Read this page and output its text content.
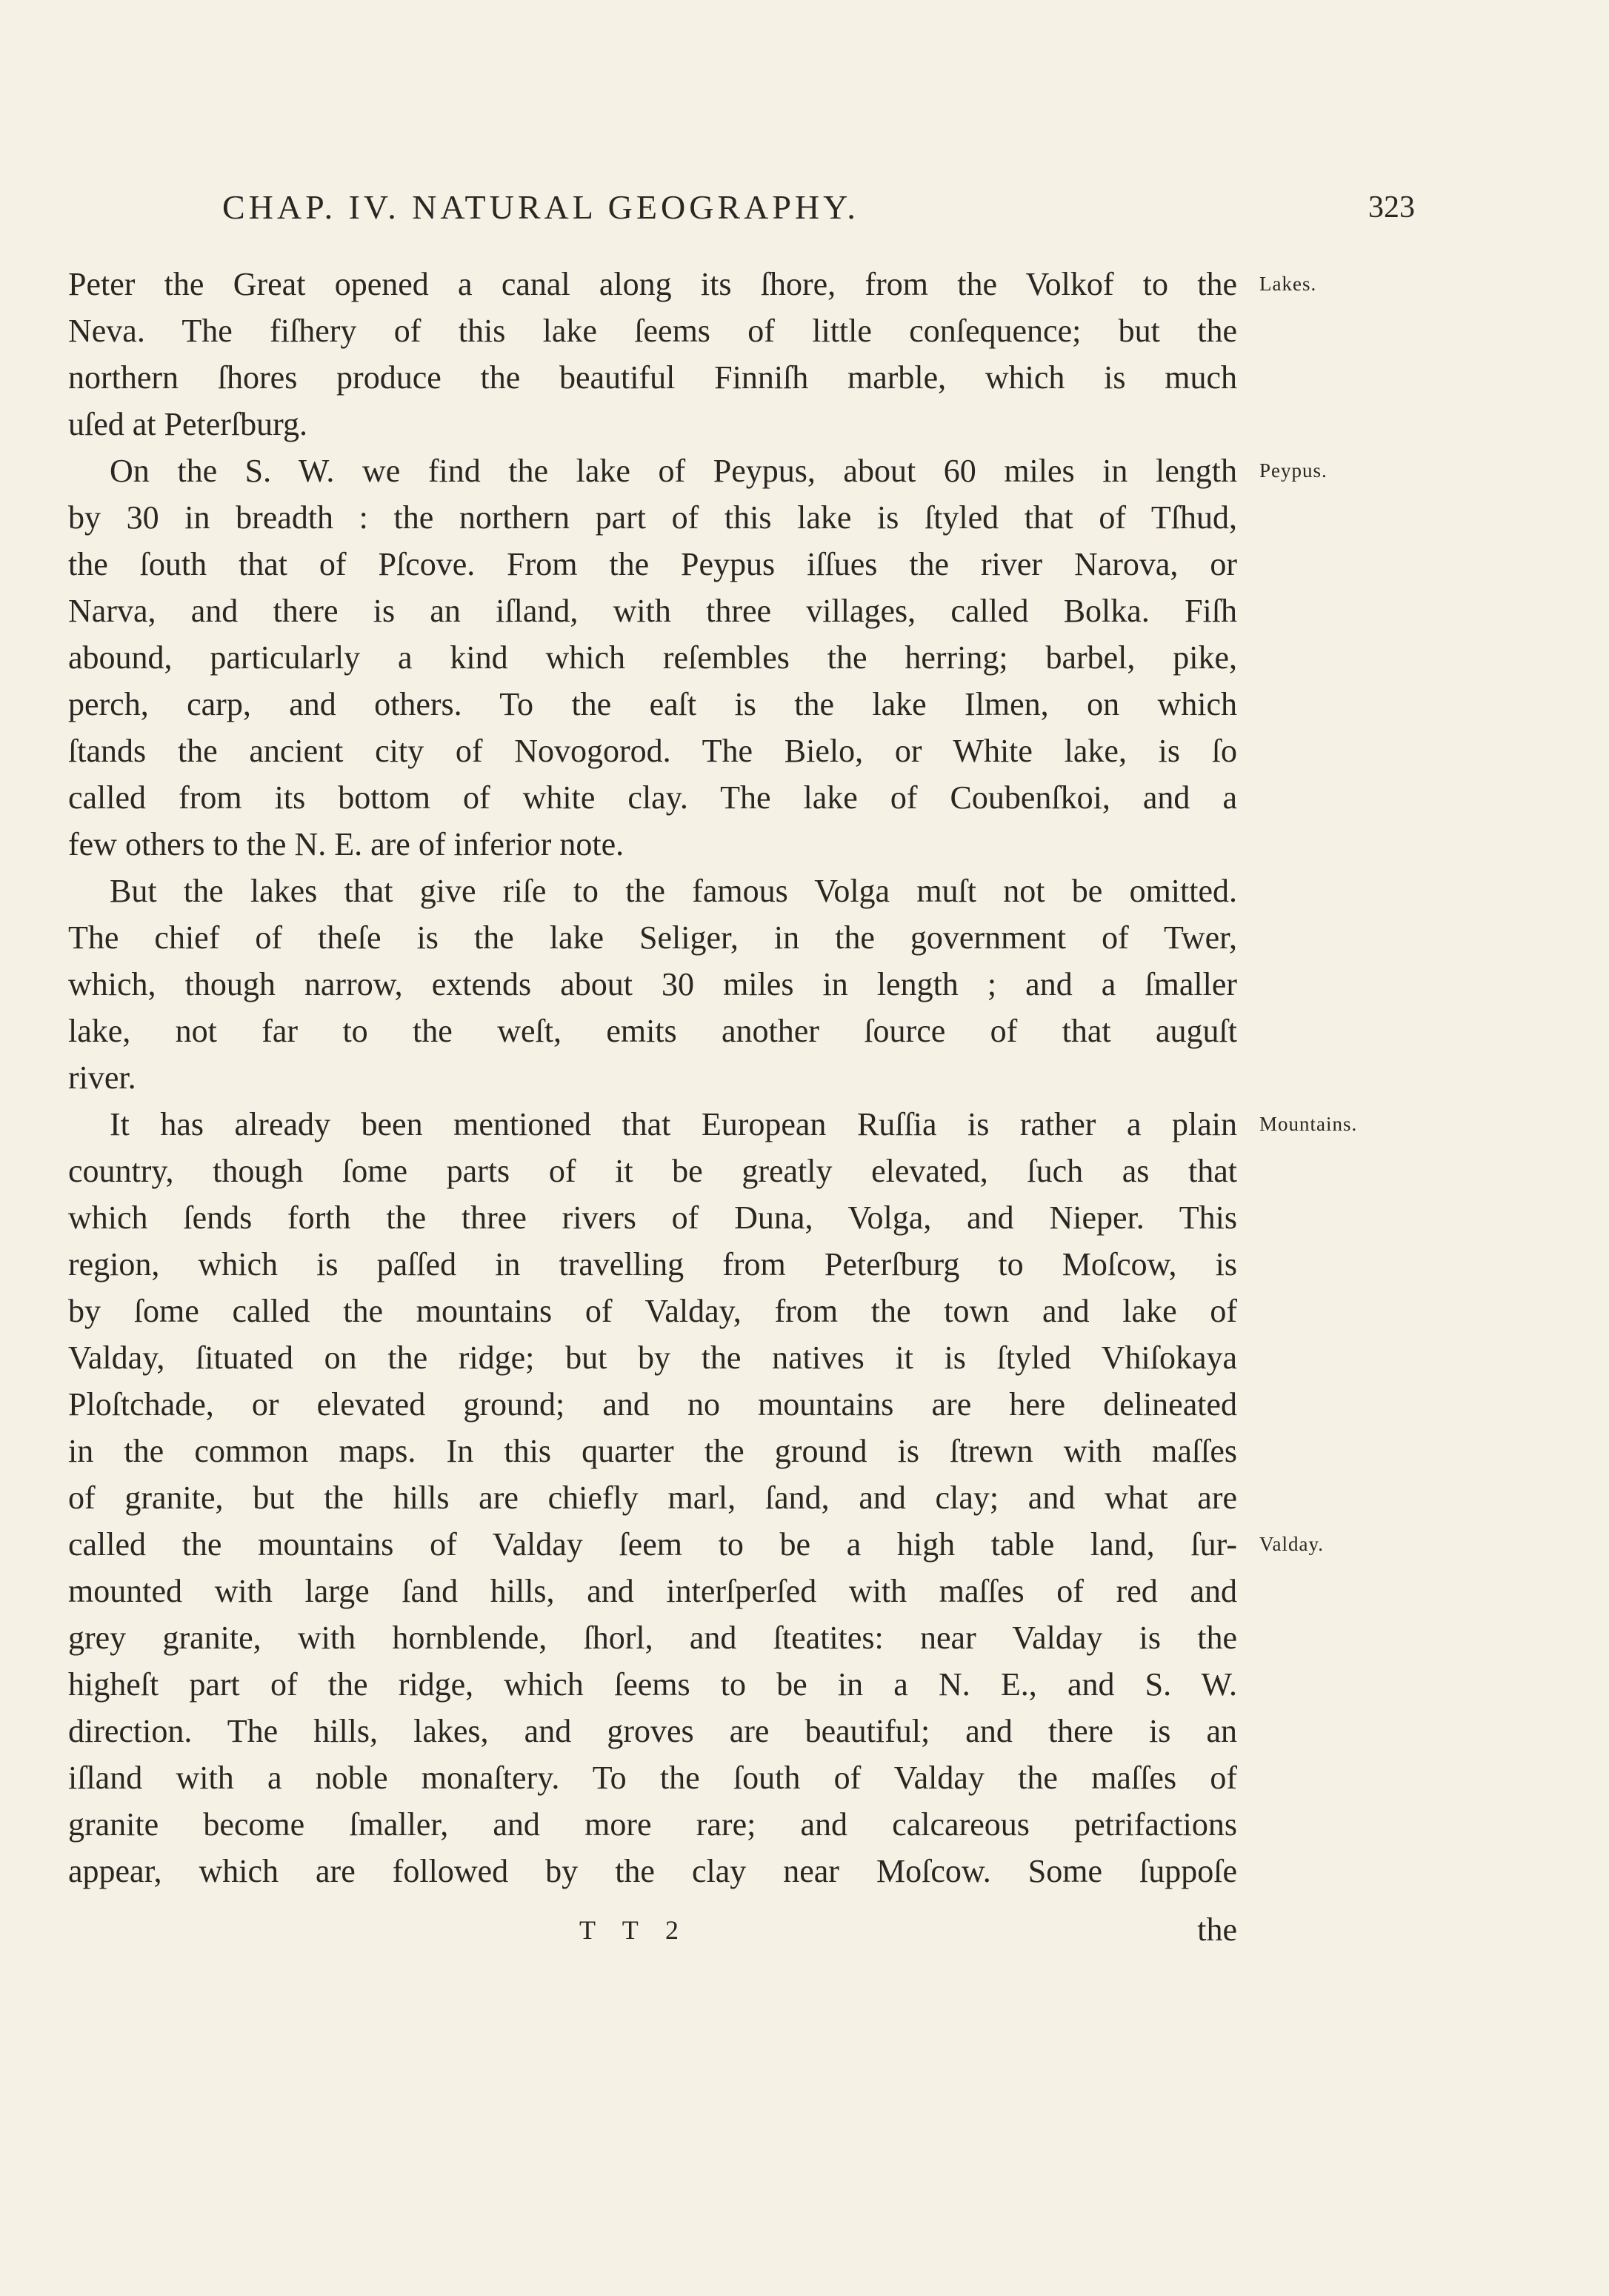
CHAP. IV. NATURAL GEOGRAPHY.	323
Peter the Great opened a canal along its ſhore, from the Volkof to the
Neva. The fiſhery of this lake ſeems of little conſequence; but the
northern ſhores produce the beautiful Finniſh marble, which is much
uſed at Peterſburg.
On the S. W. we find the lake of Peypus, about 60 miles in length
by 30 in breadth : the northern part of this lake is ſtyled that of Tſhud,
the ſouth that of Pſcove. From the Peypus iſſues the river Narova, or
Narva, and there is an iſland, with three villages, called Bolka. Fiſh
abound, particularly a kind which reſembles the herring; barbel, pike,
perch, carp, and others. To the eaſt is the lake Ilmen, on which
ſtands the ancient city of Novogorod. The Bielo, or White lake, is ſo
called from its bottom of white clay. The lake of Coubenſkoi, and a
few others to the N. E. are of inferior note.
But the lakes that give riſe to the famous Volga muſt not be omitted.
The chief of theſe is the lake Seliger, in the government of Twer,
which, though narrow, extends about 30 miles in length ; and a ſmaller
lake, not far to the weſt, emits another ſource of that auguſt
river.
It has already been mentioned that European Ruſſia is rather a plain
country, though ſome parts of it be greatly elevated, ſuch as that
which ſends forth the three rivers of Duna, Volga, and Nieper. This
region, which is paſſed in travelling from Peterſburg to Moſcow, is
by ſome called the mountains of Valday, from the town and lake of
Valday, ſituated on the ridge; but by the natives it is ſtyled Vhiſokaya
Ploſtchade, or elevated ground; and no mountains are here delineated
in the common maps. In this quarter the ground is ſtrewn with maſſes
of granite, but the hills are chiefly marl, ſand, and clay; and what are
called the mountains of Valday ſeem to be a high table land, ſur-
mounted with large ſand hills, and interſperſed with maſſes of red and
grey granite, with hornblende, ſhorl, and ſteatites: near Valday is the
higheſt part of the ridge, which ſeems to be in a N. E., and S. W.
direction. The hills, lakes, and groves are beautiful; and there is an
iſland with a noble monaſtery. To the ſouth of Valday the maſſes of
granite become ſmaller, and more rare; and calcareous petrifactions
appear, which are followed by the clay near Moſcow. Some ſuppoſe
Lakes.
Peypus.
Mountains.
Valday.
T T 2	the
